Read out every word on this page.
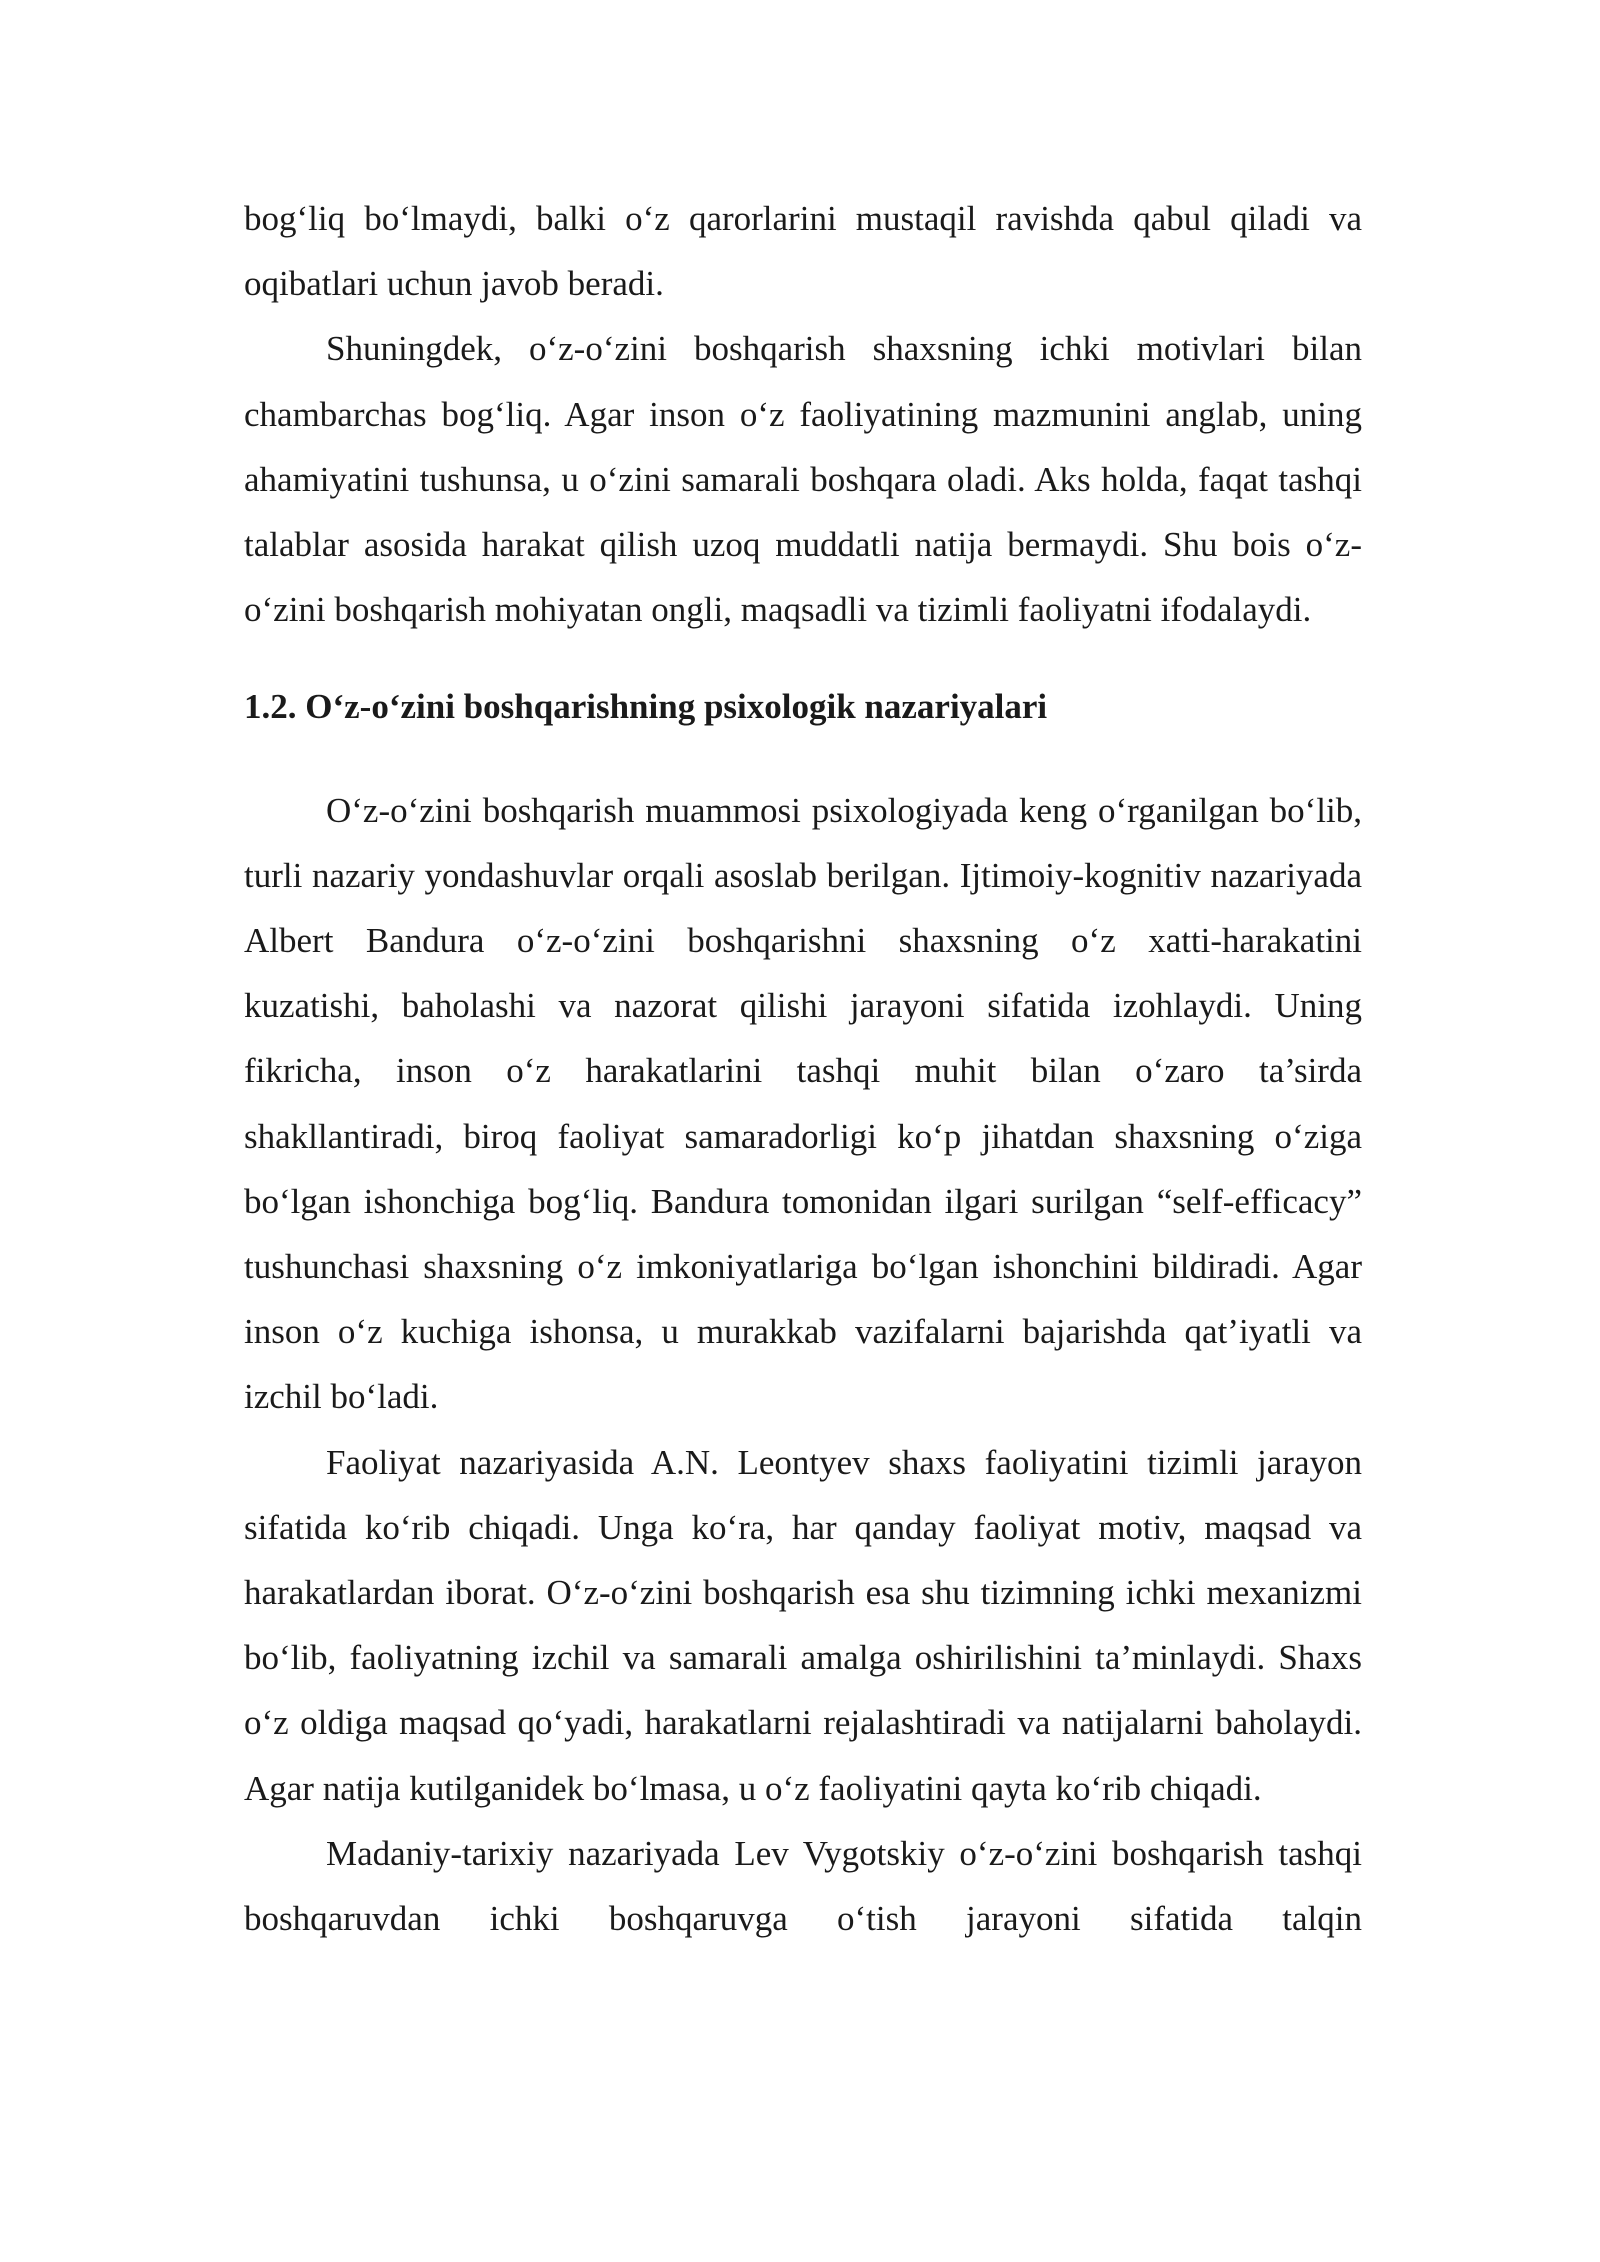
bog‘liq bo‘lmaydi, balki o‘z qarorlarini mustaqil ravishda qabul qiladi va oqibatlari uchun javob beradi.

Shuningdek, o‘z-o‘zini boshqarish shaxsning ichki motivlari bilan chambarchas bog‘liq. Agar inson o‘z faoliyatining mazmunini anglab, uning ahamiyatini tushunsa, u o‘zini samarali boshqara oladi. Aks holda, faqat tashqi talablar asosida harakat qilish uzoq muddatli natija bermaydi. Shu bois o‘z-o‘zini boshqarish mohiyatan ongli, maqsadli va tizimli faoliyatni ifodalaydi.

1.2. O‘z-o‘zini boshqarishning psixologik nazariyalari

O‘z-o‘zini boshqarish muammosi psixologiyada keng o‘rganilgan bo‘lib, turli nazariy yondashuvlar orqali asoslab berilgan. Ijtimoiy-kognitiv nazariyada Albert Bandura o‘z-o‘zini boshqarishni shaxsning o‘z xatti-harakatini kuzatishi, baholashi va nazorat qilishi jarayoni sifatida izohlaydi. Uning fikricha, inson o‘z harakatlarini tashqi muhit bilan o‘zaro ta’sirda shakllantiradi, biroq faoliyat samaradorligi ko‘p jihatdan shaxsning o‘ziga bo‘lgan ishonchiga bog‘liq. Bandura tomonidan ilgari surilgan “self-efficacy” tushunchasi shaxsning o‘z imkoniyatlariga bo‘lgan ishonchini bildiradi. Agar inson o‘z kuchiga ishonsa, u murakkab vazifalarni bajarishda qat’iyatli va izchil bo‘ladi.

Faoliyat nazariyasida A.N. Leontyev shaxs faoliyatini tizimli jarayon sifatida ko‘rib chiqadi. Unga ko‘ra, har qanday faoliyat motiv, maqsad va harakatlardan iborat. O‘z-o‘zini boshqarish esa shu tizimning ichki mexanizmi bo‘lib, faoliyatning izchil va samarali amalga oshirilishini ta’minlaydi. Shaxs o‘z oldiga maqsad qo‘yadi, harakatlarni rejalashtiradi va natijalarni baholaydi. Agar natija kutilganidek bo‘lmasa, u o‘z faoliyatini qayta ko‘rib chiqadi.

Madaniy-tarixiy nazariyada Lev Vygotskiy o‘z-o‘zini boshqarish tashqi boshqaruvdan ichki boshqaruvga o‘tish jarayoni sifatida talqin
